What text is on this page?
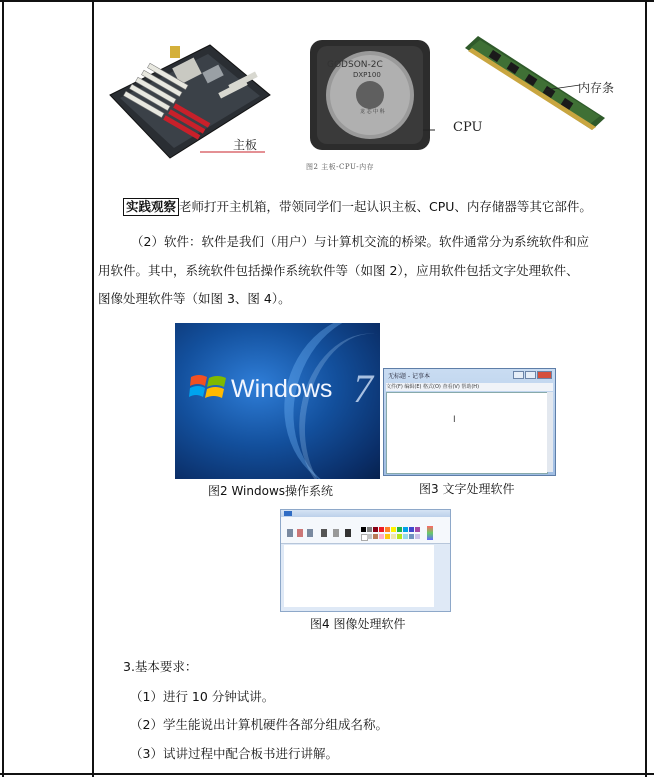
主板
GODSON-2C
DXP100
龙 芯 中 科
CPU
内存条
图2 主板-CPU-内存
实践观察 老师打开主机箱，带领同学们一起认识主板、CPU、内存储器等其它部件。
（2）软件：软件是我们（用户）与计算机交流的桥梁。软件通常分为系统软件和应
用软件。其中，系统软件包括操作系统软件等（如图 2），应用软件包括文字处理软件、
图像处理软件等（如图 3、图 4）。
Windows 7	无标题 - 记事本
文件(F) 编辑(E) 格式(O) 查看(V) 帮助(H)
I
图2 Windows操作系统	图3 文字处理软件
图4 图像处理软件
3.基本要求：
（1）进行 10 分钟试讲。
（2）学生能说出计算机硬件各部分组成名称。
（3）试讲过程中配合板书进行讲解。
